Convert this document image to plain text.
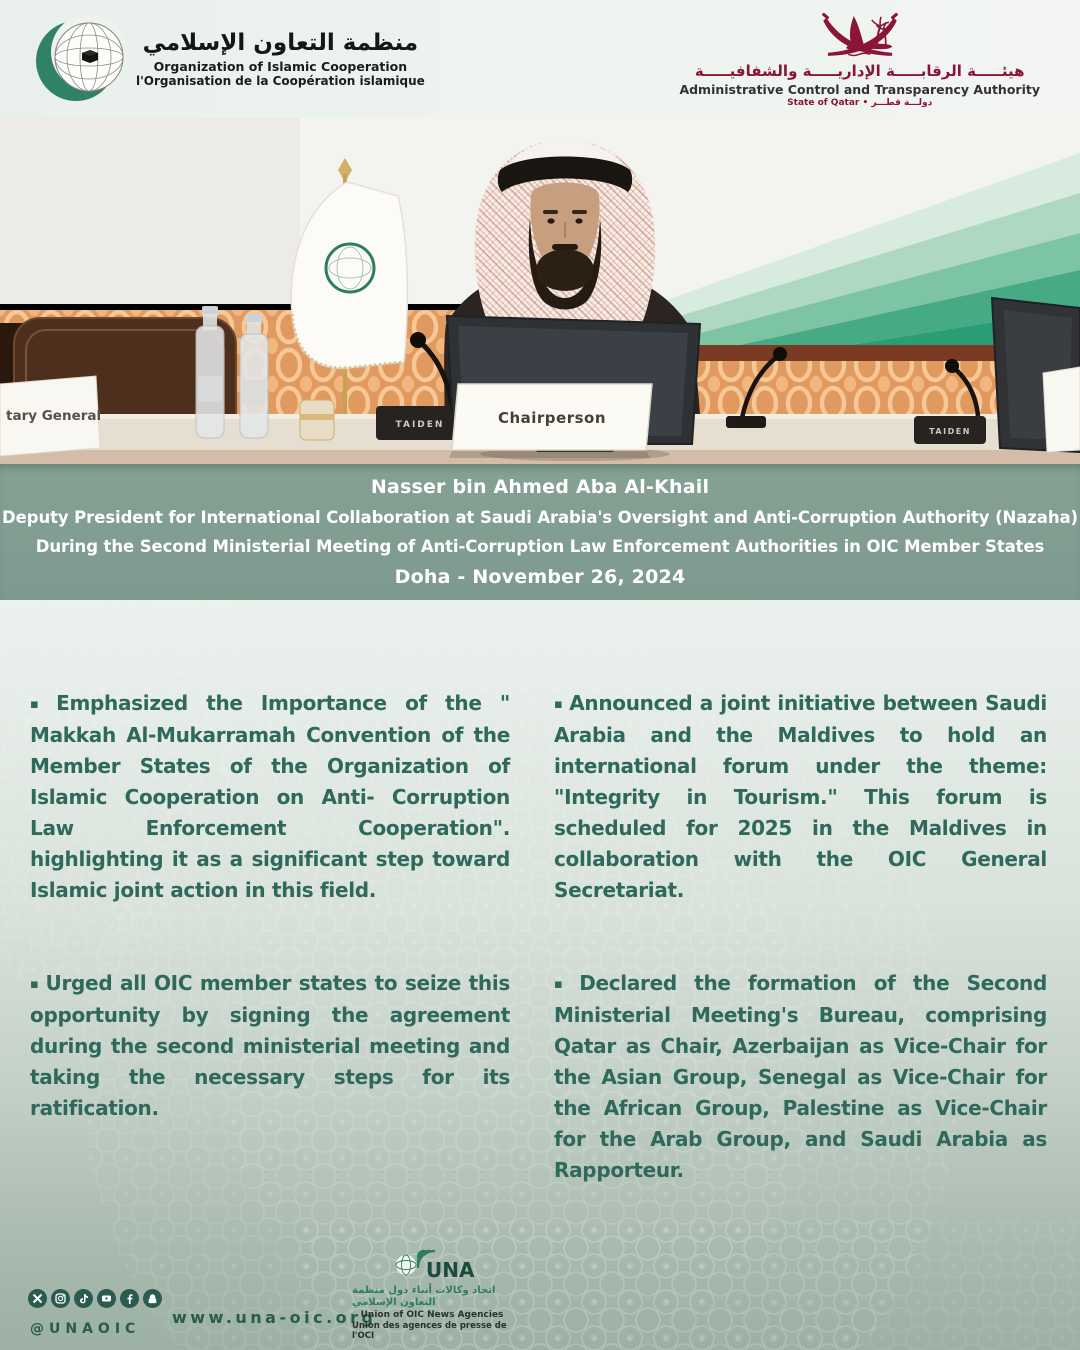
منظمة التعاون الإسلامي
Organization of Islamic Cooperation
l'Organisation de la Coopération islamique
هيئـــــة الرقابـــــة الإداريـــــة والشفافيـــــة
Administrative Control and Transparency Authority
State of Qatar • دولـــة قطـــر
TAIDEN
TAIDEN
tary General	Chairperson
Nasser bin Ahmed Aba Al-Khail
Deputy President for International Collaboration at Saudi Arabia's Oversight and Anti-Corruption Authority (Nazaha)
During the Second Ministerial Meeting of Anti-Corruption Law Enforcement Authorities in OIC Member States
Doha - November 26, 2024
▪ Emphasized the Importance of the " Makkah Al-Mukarramah Convention of the Member States of the Organization of Islamic Cooperation on Anti- Corruption Law Enforcement Cooperation". highlighting it as a significant step toward Islamic joint action in this field.
▪ Announced a joint initiative between Saudi Arabia and the Maldives to hold an international forum under the theme: "Integrity in Tourism." This forum is scheduled for 2025 in the Maldives in collaboration with the OIC General Secretariat.
▪ Urged all OIC member states to seize this opportunity by signing the agreement during the second ministerial meeting and taking the necessary steps for its ratification.
▪ Declared the formation of the Second Ministerial Meeting's Bureau, comprising Qatar as Chair, Azerbaijan as Vice-Chair for the Asian Group, Senegal as Vice-Chair for the African Group, Palestine as Vice-Chair for the Arab Group, and Saudi Arabia as Rapporteur.
@UNAOIC
www.una-oic.org
UNA
اتحاد وكالات أنباء دول منظمة التعاون الإسلامي
Union of OIC News Agencies
Union des agences de presse de l'OCI
